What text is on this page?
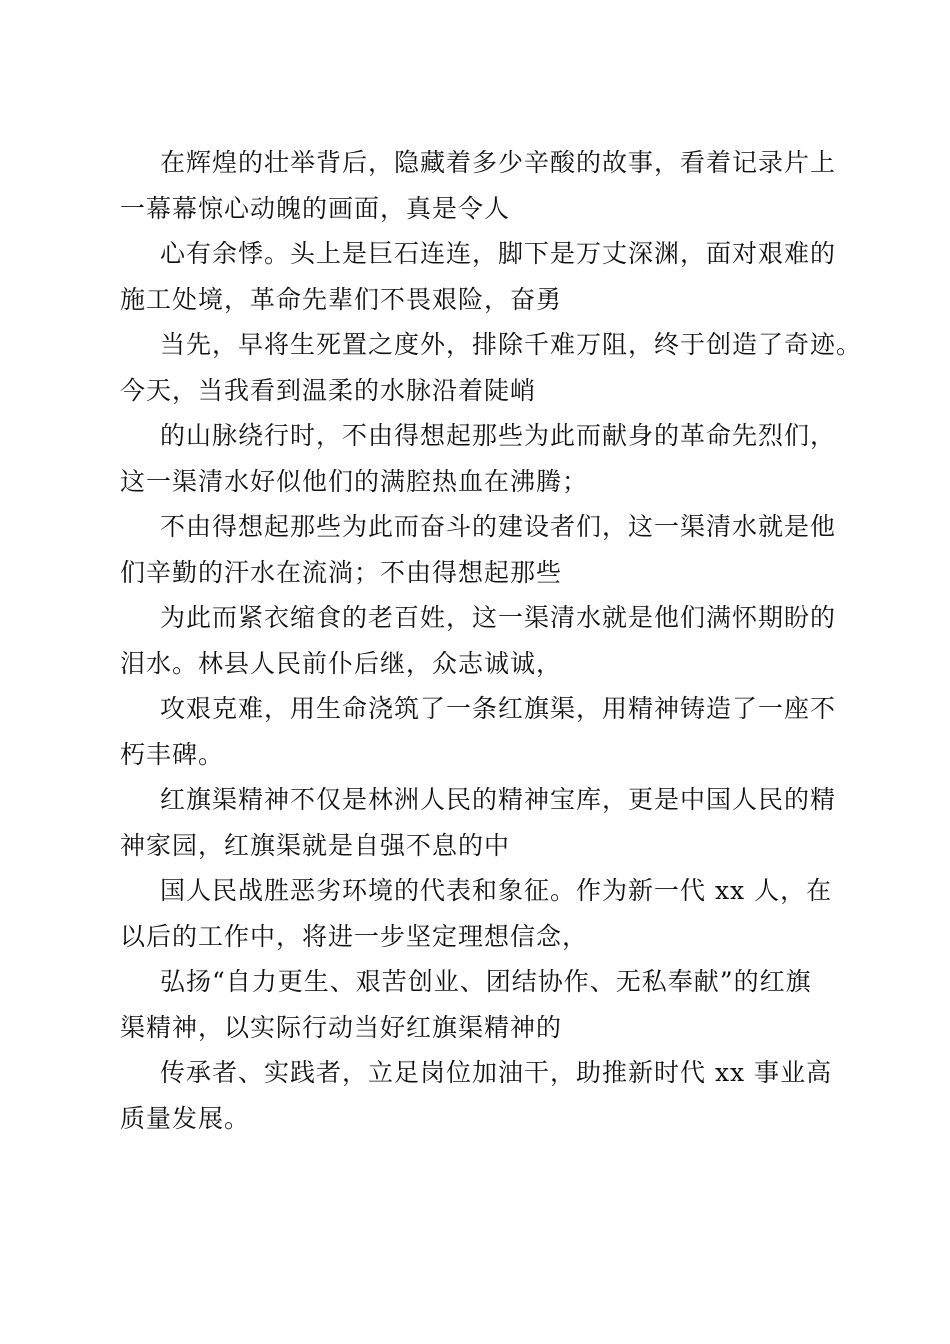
在辉煌的壮举背后，隐藏着多少辛酸的故事，看着记录片上
一幕幕惊心动魄的画面，真是令人

心有余悸。头上是巨石连连，脚下是万丈深渊，面对艰难的
施工处境，革命先辈们不畏艰险，奋勇

当先，早将生死置之度外，排除千难万阻，终于创造了奇迹。
今天，当我看到温柔的水脉沿着陡峭

的山脉绕行时，不由得想起那些为此而献身的革命先烈们，
这一渠清水好似他们的满腔热血在沸腾；

不由得想起那些为此而奋斗的建设者们，这一渠清水就是他
们辛勤的汗水在流淌；不由得想起那些

为此而紧衣缩食的老百姓，这一渠清水就是他们满怀期盼的
泪水。林县人民前仆后继，众志诚诚，

攻艰克难，用生命浇筑了一条红旗渠，用精神铸造了一座不
朽丰碑。

红旗渠精神不仅是林洲人民的精神宝库，更是中国人民的精
神家园，红旗渠就是自强不息的中

国人民战胜恶劣环境的代表和象征。作为新一代 xx 人，在
以后的工作中，将进一步坚定理想信念，

弘扬“自力更生、艰苦创业、团结协作、无私奉献”的红旗
渠精神，以实际行动当好红旗渠精神的

传承者、实践者，立足岗位加油干，助推新时代 xx 事业高
质量发展。
